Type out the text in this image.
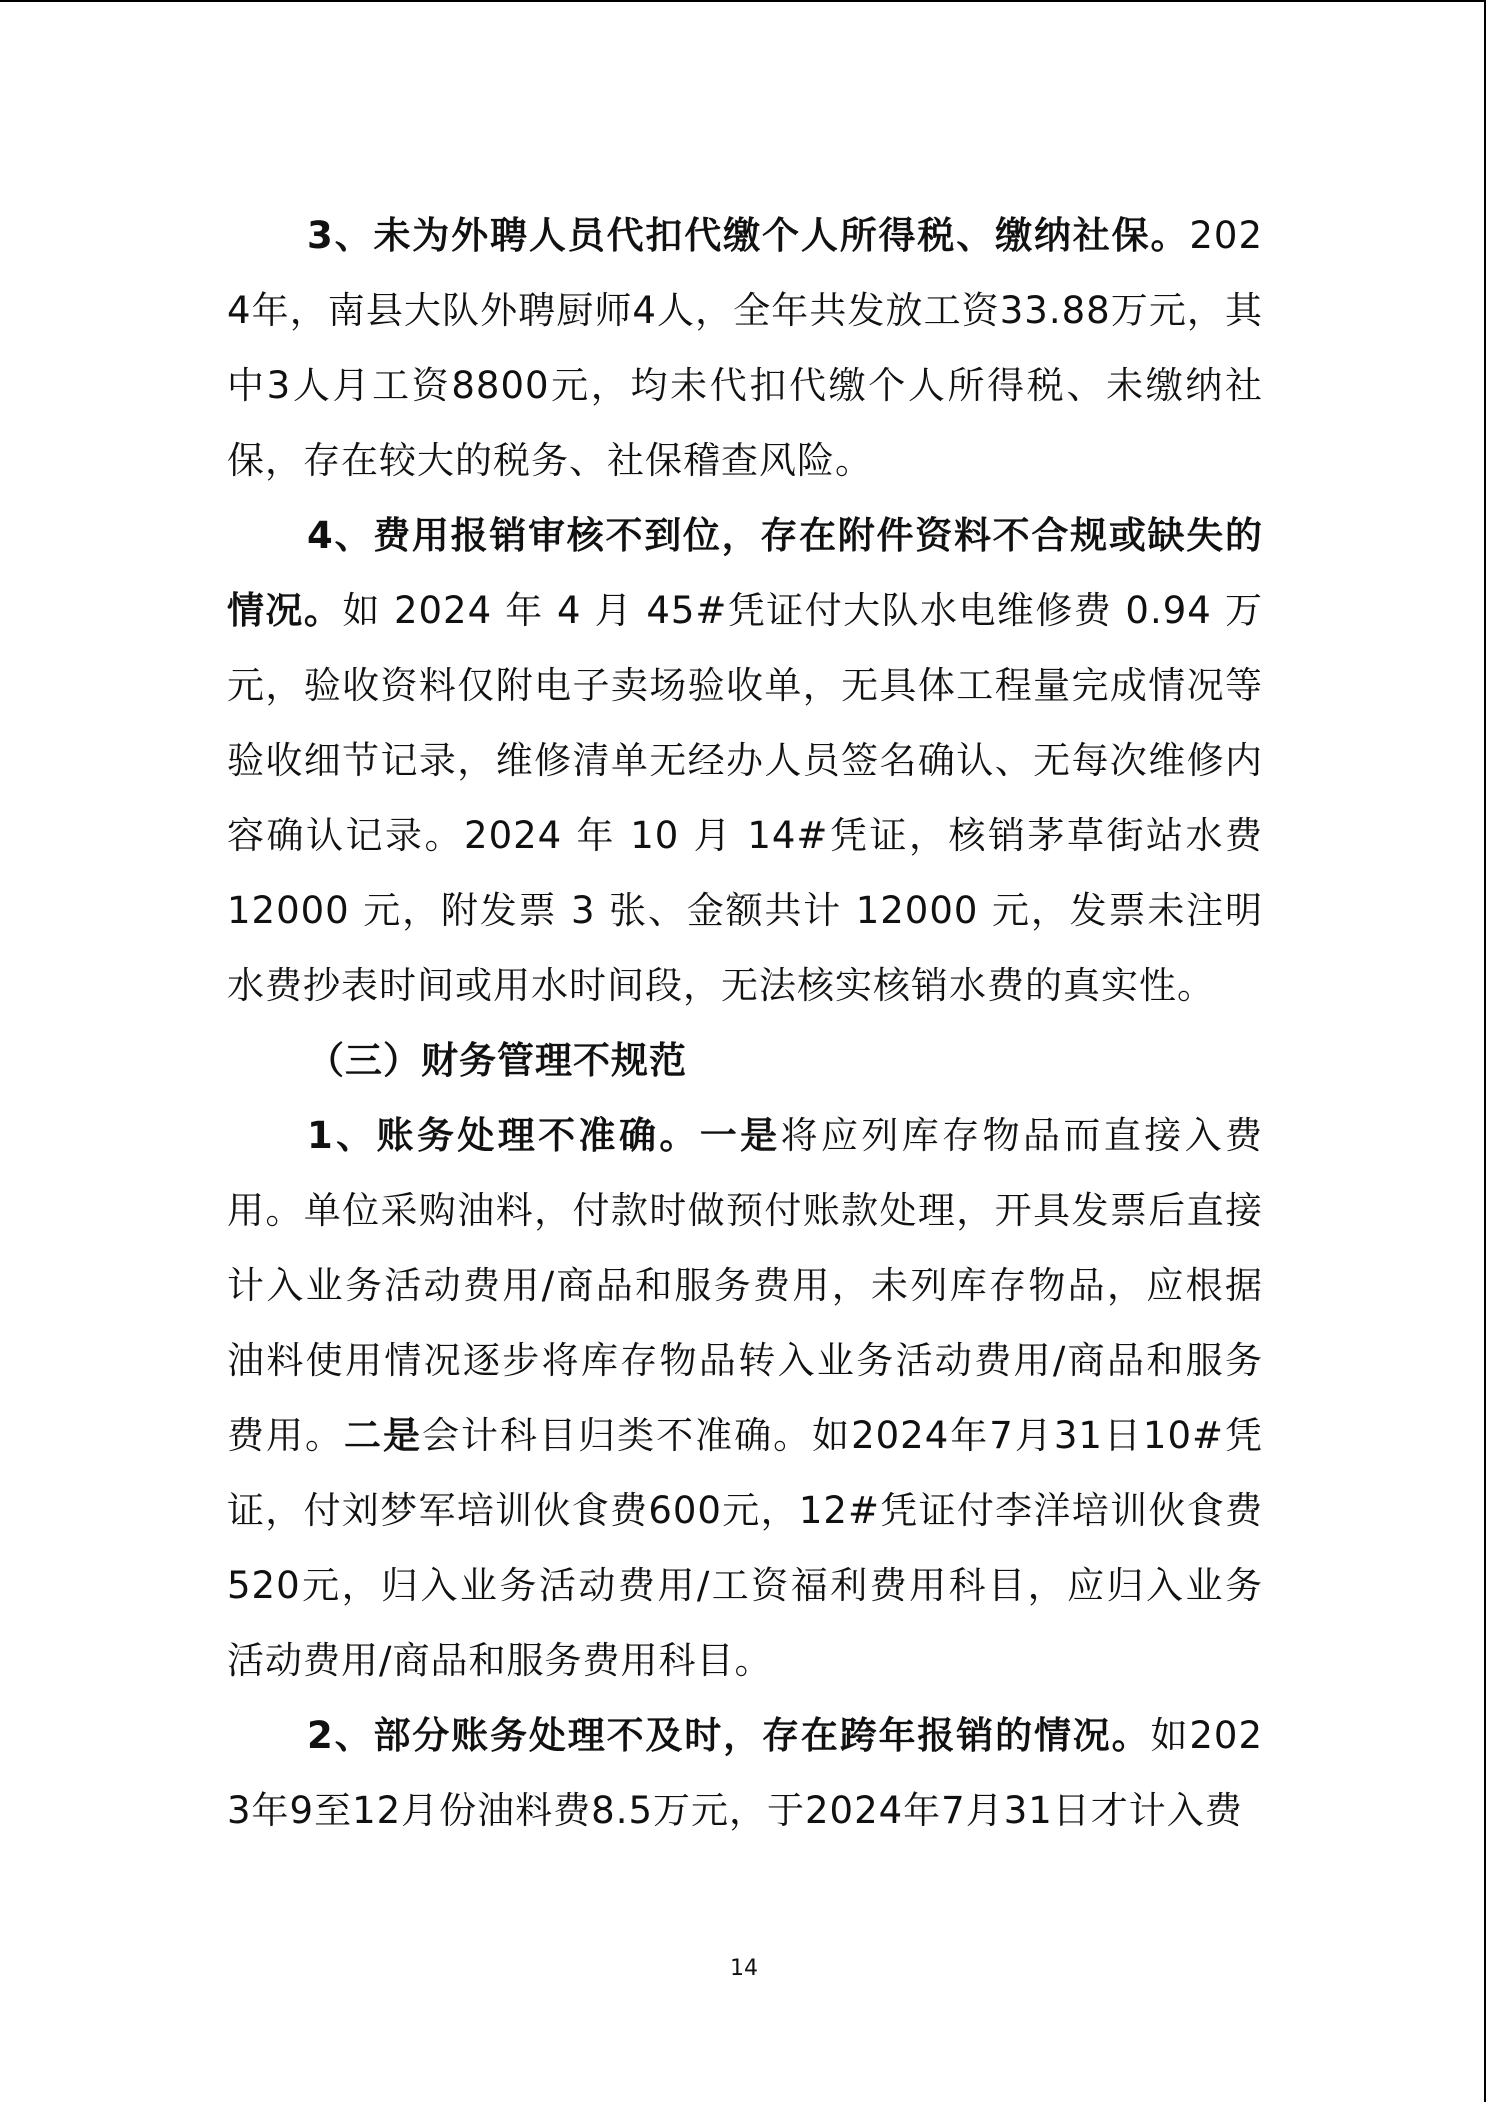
3、未为外聘人员代扣代缴个人所得税、缴纳社保。2024年，南县大队外聘厨师4人，全年共发放工资33.88万元，其中3人月工资8800元，均未代扣代缴个人所得税、未缴纳社保，存在较大的税务、社保稽查风险。

4、费用报销审核不到位，存在附件资料不合规或缺失的情况。如 2024 年 4 月 45#凭证付大队水电维修费 0.94 万元，验收资料仅附电子卖场验收单，无具体工程量完成情况等验收细节记录，维修清单无经办人员签名确认、无每次维修内容确认记录。2024 年 10 月 14#凭证，核销茅草街站水费 12000 元，附发票 3 张、金额共计 12000 元，发票未注明水费抄表时间或用水时间段，无法核实核销水费的真实性。

（三）财务管理不规范

1、账务处理不准确。一是将应列库存物品而直接入费用。单位采购油料，付款时做预付账款处理，开具发票后直接计入业务活动费用/商品和服务费用，未列库存物品，应根据油料使用情况逐步将库存物品转入业务活动费用/商品和服务费用。二是会计科目归类不准确。如2024年7月31日10#凭证，付刘梦军培训伙食费600元，12#凭证付李洋培训伙食费520元，归入业务活动费用/工资福利费用科目，应归入业务活动费用/商品和服务费用科目。

2、部分账务处理不及时，存在跨年报销的情况。如2023年9至12月份油料费8.5万元，于2024年7月31日才计入费

14
